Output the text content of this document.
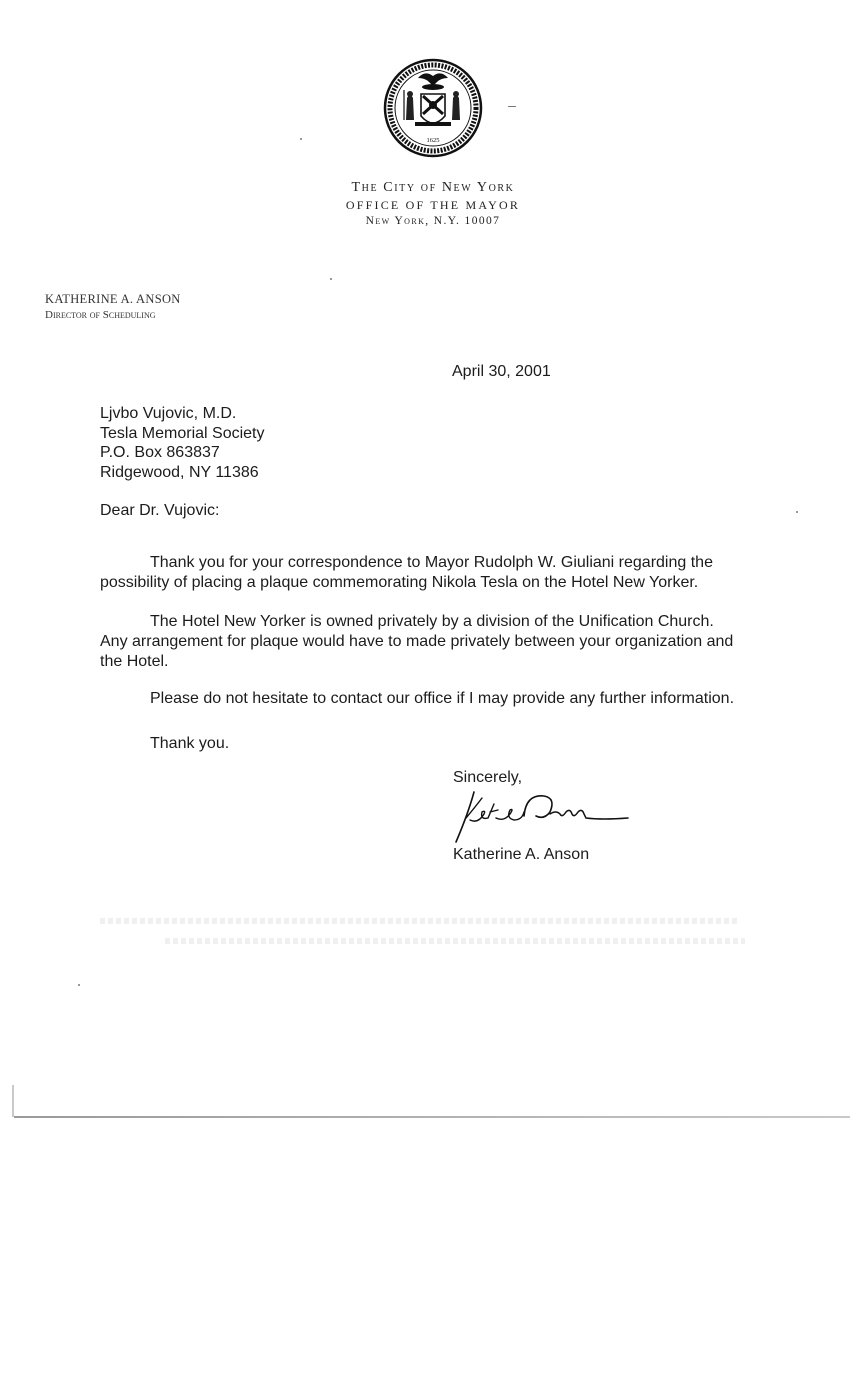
1625
The City of New York
OFFICE OF THE MAYOR
New York, N.Y. 10007
KATHERINE A. ANSON
Director of Scheduling
April 30, 2001
Ljvbo Vujovic, M.D.
Tesla Memorial Society
P.O. Box 863837
Ridgewood, NY 11386
Dear Dr. Vujovic:
Thank you for your correspondence to Mayor Rudolph W. Giuliani regarding the
possibility of placing a plaque commemorating Nikola Tesla on the Hotel New Yorker.
The Hotel New Yorker is owned privately by a division of the Unification Church.
Any arrangement for plaque would have to made privately between your organization and
the Hotel.
Please do not hesitate to contact our office if I may provide any further information.
Thank you.
Sincerely,
Katherine A. Anson
